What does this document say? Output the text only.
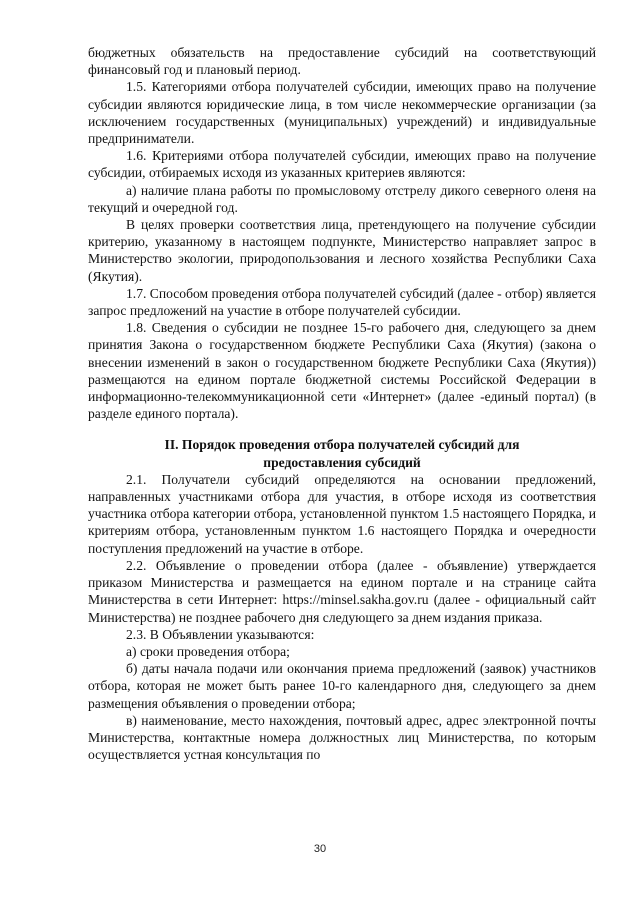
бюджетных обязательств на предоставление субсидий на соответствующий финансовый год и плановый период.

1.5. Категориями отбора получателей субсидии, имеющих право на получение субсидии являются юридические лица, в том числе некоммерческие организации (за исключением государственных (муниципальных) учреждений) и индивидуальные предприниматели.

1.6. Критериями отбора получателей субсидии, имеющих право на получение субсидии, отбираемых исходя из указанных критериев являются:

а) наличие плана работы по промысловому отстрелу дикого северного оленя на текущий и очередной год.

В целях проверки соответствия лица, претендующего на получение субсидии критерию, указанному в настоящем подпункте, Министерство направляет запрос в Министерство экологии, природопользования и лесного хозяйства Республики Саха (Якутия).

1.7. Способом проведения отбора получателей субсидий (далее - отбор) является запрос предложений на участие в отборе получателей субсидии.

1.8. Сведения о субсидии не позднее 15-го рабочего дня, следующего за днем принятия Закона о государственном бюджете Республики Саха (Якутия) (закона о внесении изменений в закон о государственном бюджете Республики Саха (Якутия)) размещаются на едином портале бюджетной системы Российской Федерации в информационно-телекоммуникационной сети «Интернет» (далее -единый портал) (в разделе единого портала).

II. Порядок проведения отбора получателей субсидий для
предоставления субсидий

2.1. Получатели субсидий определяются на основании предложений, направленных участниками отбора для участия, в отборе исходя из соответствия участника отбора категории отбора, установленной пунктом 1.5 настоящего Порядка, и критериям отбора, установленным пунктом 1.6 настоящего Порядка и очередности поступления предложений на участие в отборе.

2.2. Объявление о проведении отбора (далее - объявление) утверждается приказом Министерства и размещается на едином портале и на странице сайта Министерства в сети Интернет: https://minsel.sakha.gov.ru (далее - официальный сайт Министерства) не позднее рабочего дня следующего за днем издания приказа.

2.3. В Объявлении указываются:

а) сроки проведения отбора;

б) даты начала подачи или окончания приема предложений (заявок) участников отбора, которая не может быть ранее 10-го календарного дня, следующего за днем размещения объявления о проведении отбора;

в) наименование, место нахождения, почтовый адрес, адрес электронной почты Министерства, контактные номера должностных лиц Министерства, по которым осуществляется устная консультация по

30
